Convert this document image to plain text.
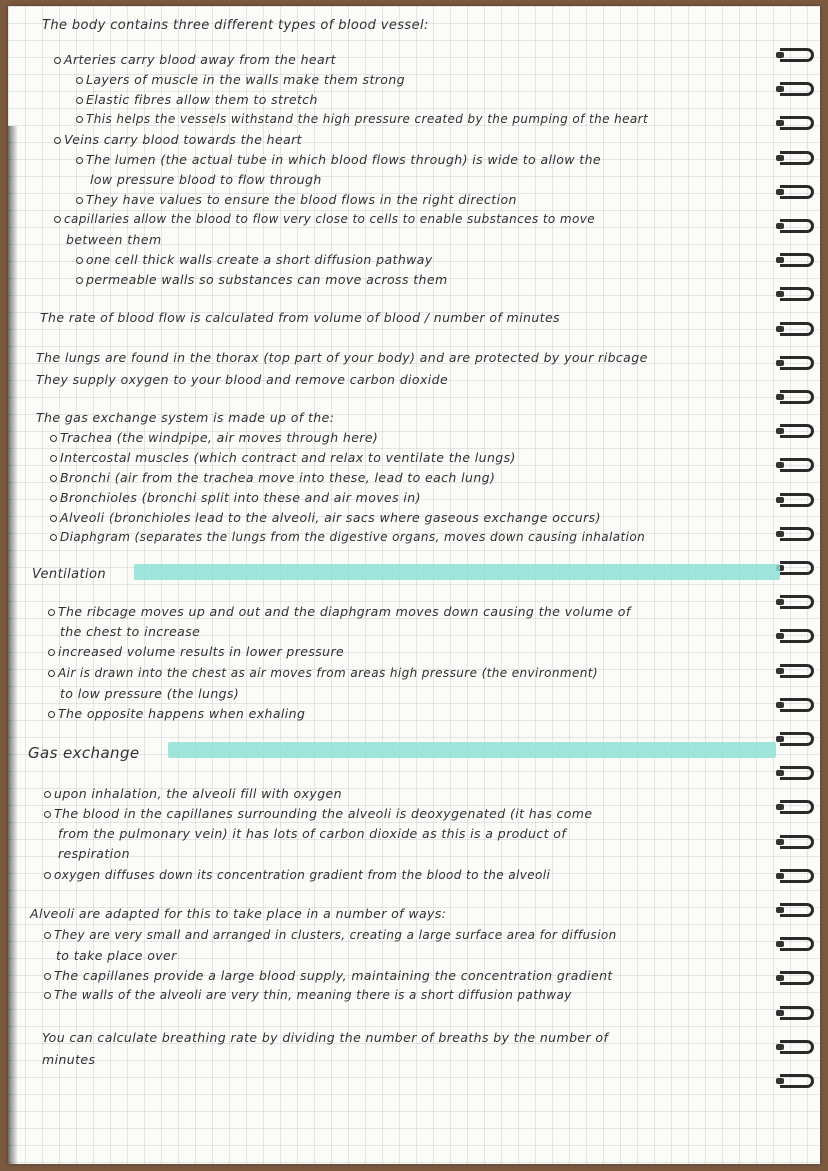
The body contains three different types of blood vessel:
Arteries carry blood away from the heart
Layers of muscle in the walls make them strong
Elastic fibres allow them to stretch
This helps the vessels withstand the high pressure created by the pumping of the heart
Veins carry blood towards the heart
The lumen (the actual tube in which blood flows through) is wide to allow the
low pressure blood to flow through
They have values to ensure the blood flows in the right direction
capillaries allow the blood to flow very close to cells to enable substances to move
between them
one cell thick walls create a short diffusion pathway
permeable walls so substances can move across them
The rate of blood flow is calculated from volume of blood / number of minutes
The lungs are found in the thorax (top part of your body) and are protected by your ribcage
They supply oxygen to your blood and remove carbon dioxide
The gas exchange system is made up of the:
Trachea (the windpipe, air moves through here)
Intercostal muscles (which contract and relax to ventilate the lungs)
Bronchi (air from the trachea move into these, lead to each lung)
Bronchioles (bronchi split into these and air moves in)
Alveoli (bronchioles lead to the alveoli, air sacs where gaseous exchange occurs)
Diaphgram (separates the lungs from the digestive organs, moves down causing inhalation
Ventilation
The ribcage moves up and out and the diaphgram moves down causing the volume of
the chest to increase
increased volume results in lower pressure
Air is drawn into the chest as air moves from areas high pressure (the environment)
to low pressure (the lungs)
The opposite happens when exhaling
Gas exchange
upon inhalation, the alveoli fill with oxygen
The blood in the capillanes surrounding the alveoli is deoxygenated (it has come
from the pulmonary vein) it has lots of carbon dioxide as this is a product of
respiration
oxygen diffuses down its concentration gradient from the blood to the alveoli
Alveoli are adapted for this to take place in a number of ways:
They are very small and arranged in clusters, creating a large surface area for diffusion
to take place over
The capillanes provide a large blood supply, maintaining the concentration gradient
The walls of the alveoli are very thin, meaning there is a short diffusion pathway
You can calculate breathing rate by dividing the number of breaths by the number of
minutes
